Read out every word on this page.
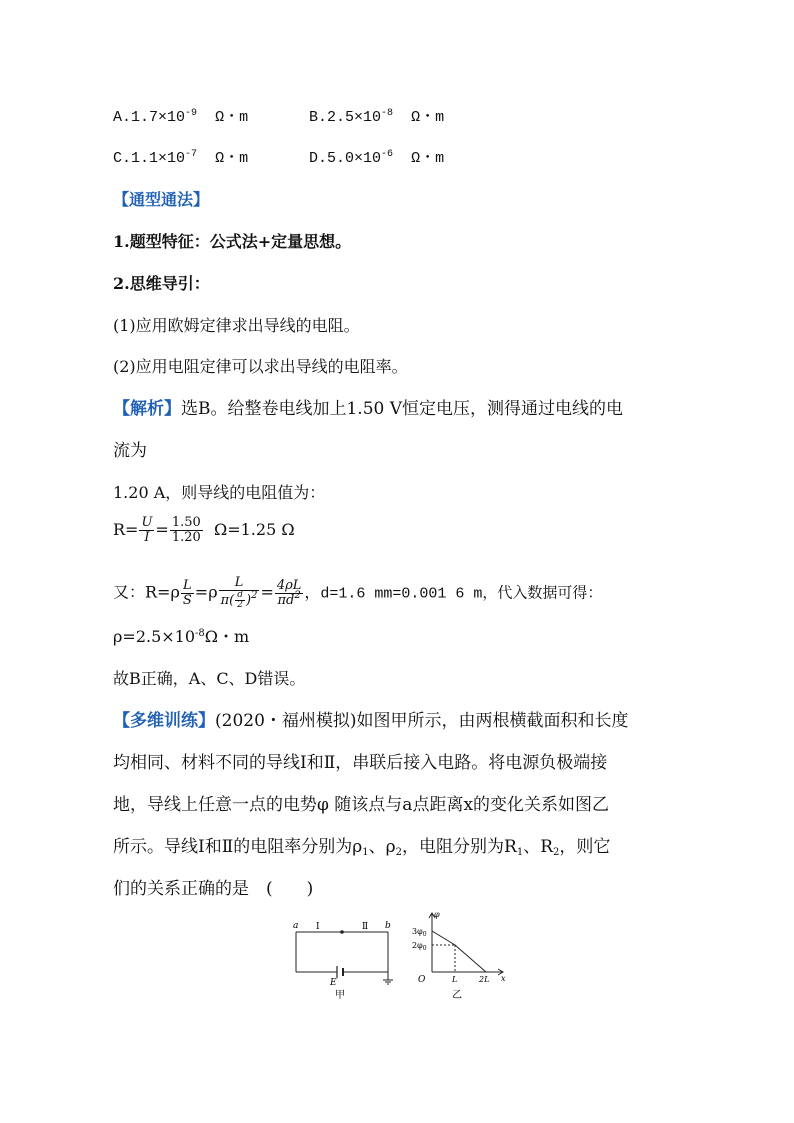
$A.1.7\times 10^{-9}$ Ω・m	$B.2.5\times 10^{-8}$ Ω・m
$C.1.1\times 10^{-7}$ Ω・m	$D.5.0\times 10^{-6}$ Ω・m
【通型通法】
1.题型特征：公式法+定量思想。
2.思维导引：
(1)应用欧姆定律求出导线的电阻。
(2)应用电阻定律可以求出导线的电阻率。
【解析】选B。给整卷电线加上1.50 V恒定电压，测得通过电线的电
流为
1.20 A，则导线的电阻值为：
$R= \frac{U}{I} = \frac{1.50}{1.20} \Omega=1.25$ Ω
又：$R=\rho \frac{L}{S} =\rho \frac{L}{\pi( \frac{d}{2} )^2} = \frac{4\rho L}{\pi d^2}$ ，d=1.6 mm=0.001 6 m，代入数据可得：
$\rho=2.5\times 10^{-8}\Omega$・m
故B正确，A、C、D错误。
【多维训练】(2020・福州模拟)如图甲所示，由两根横截面积和长度
均相同、材料不同的导线Ⅰ和Ⅱ，串联后接入电路。将电源负极端接
地，导线上任意一点的电势φ 随该点与a点距离x的变化关系如图乙
所示。导线Ⅰ和Ⅱ的电阻率分别为$\rho_1$、$\rho_2$，电阻分别为$R_1$、$R_2$，则它
们的关系正确的是　(　　)
a Ⅰ	Ⅱ b
E
甲
φ
x
O	L	2L
$3\varphi_0$
$2\varphi_0$
乙
